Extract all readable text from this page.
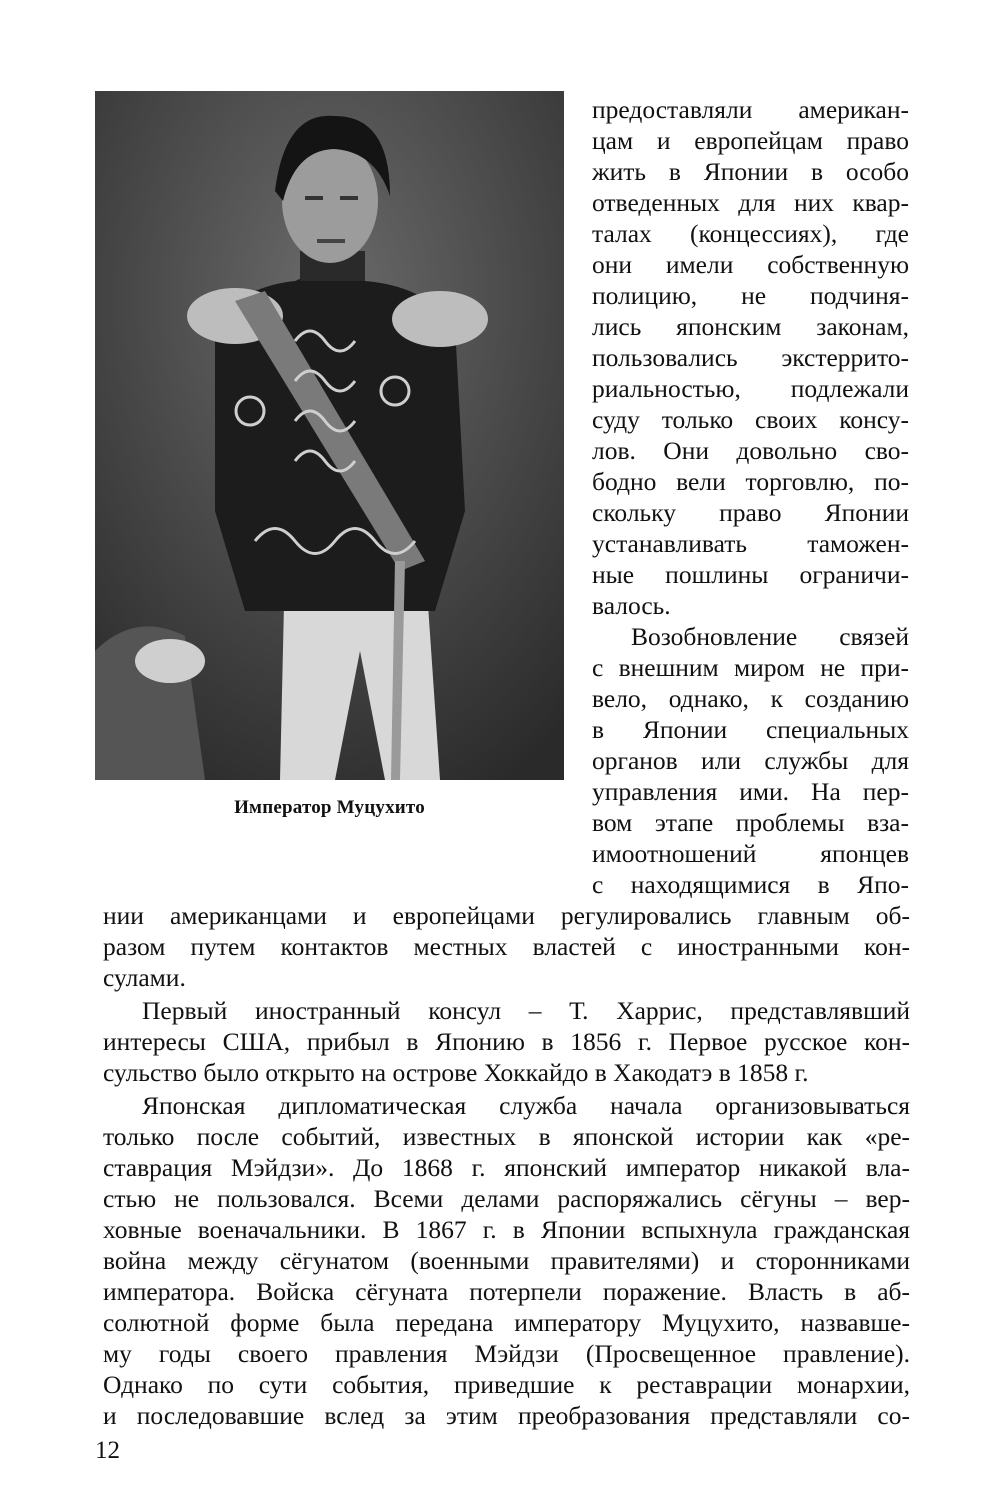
Император Муцухито
предоставляли американ-
цам и европейцам право
жить в Японии в особо
отведенных для них квар-
талах (концессиях), где
они имели собственную
полицию, не подчиня-
лись японским законам,
пользовались экстеррито-
риальностью, подлежали
суду только своих консу-
лов. Они довольно сво-
бодно вели торговлю, по-
скольку право Японии
устанавливать таможен-
ные пошлины ограничи-
валось.
Возобновление связей
с внешним миром не при-
вело, однако, к созданию
в Японии специальных
органов или службы для
управления ими. На пер-
вом этапе проблемы вза-
имоотношений японцев
с находящимися в Япо-
нии американцами и европейцами регулировались главным об-
разом путем контактов местных властей с иностранными кон-
сулами.
Первый иностранный консул – Т. Харрис, представлявший
интересы США, прибыл в Японию в 1856 г. Первое русское кон-
сульство было открыто на острове Хоккайдо в Хакодатэ в 1858 г.
Японская дипломатическая служба начала организовываться
только после событий, известных в японской истории как «ре-
ставрация Мэйдзи». До 1868 г. японский император никакой вла-
стью не пользовался. Всеми делами распоряжались сёгуны – вер-
ховные военачальники. В 1867 г. в Японии вспыхнула гражданская
война между сёгунатом (военными правителями) и сторонниками
императора. Войска сёгуната потерпели поражение. Власть в аб-
солютной форме была передана императору Муцухито, назвавше-
му годы своего правления Мэйдзи (Просвещенное правление).
Однако по сути события, приведшие к реставрации монархии,
и последовавшие вслед за этим преобразования представляли со-
12
